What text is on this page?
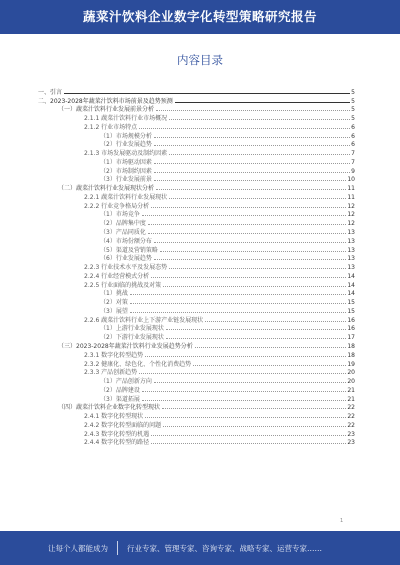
蔬菜汁饮料企业数字化转型策略研究报告
内容目录
一、引言	5
二、2023-2028年蔬菜汁饮料市场前景及趋势预测	5
（一）蔬菜汁饮料行业发展前景分析	5
2.1.1 蔬菜汁饮料行业市场概况	5
2.1.2 行业市场特点	6
（1）市场规模分析	6
（2）行业发展趋势	6
2.1.3 市场发展驱动及制约因素	7
（1）市场驱动因素	7
（2）市场制约因素	9
（3）行业发展前景	10
（二）蔬菜汁饮料行业发展现状分析	11
2.2.1 蔬菜汁饮料行业发展现状	11
2.2.2 行业竞争格局分析	12
（1）市场竞争	12
（2）品牌集中度	12
（3）产品同质化	13
（4）市场份额分布	13
（5）渠道及营销策略	13
（6）行业发展趋势	13
2.2.3 行业技术水平及发展态势	13
2.2.4 行业经营模式分析	14
2.2.5 行业面临的挑战及对策	14
（1）挑战	14
（2）对策	15
（3）展望	15
2.2.6 蔬菜汁饮料行业上下游产业链发展现状	16
（1）上游行业发展现状	16
（2）下游行业发展现状	17
（三）2023-2028年蔬菜汁饮料行业发展趋势分析	18
2.3.1 数字化转型趋势	18
2.3.2 健康化、绿色化、个性化消费趋势	19
2.3.3 产品创新趋势	20
（1）产品创新方向	20
（2）品牌建设	21
（3）渠道拓展	21
（四）蔬菜汁饮料企业数字化转型现状	22
2.4.1 数字化转型现状	22
2.4.2 数字化转型面临的问题	22
2.4.3 数字化转型的机遇	23
2.4.4 数字化转型的路径	23
1
让每个人都能成为	行业专家、管理专家、咨询专家、战略专家、运营专家……
